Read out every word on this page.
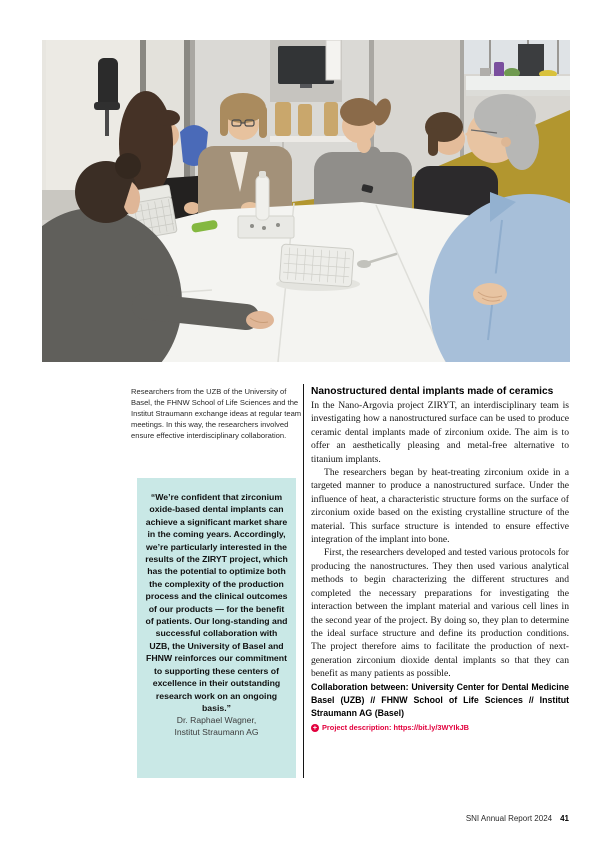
Researchers from the UZB of the University of Basel, the FHNW School of Life Sciences and the Institut Straumann exchange ideas at regular team meetings. In this way, the researchers involved ensure effective interdisciplinary collaboration.
“We’re confident that zirconium oxide-based dental implants can achieve a significant market share in the coming years. Accordingly, we’re particularly interested in the results of the ZIRYT project, which has the potential to optimize both the complexity of the production process and the clinical outcomes of our products — for the benefit of patients. Our long-standing and successful collaboration with UZB, the University of Basel and FHNW reinforces our commitment to supporting these centers of excellence in their outstanding research work on an ongoing basis.”
Dr. Raphael Wagner,
Institut Straumann AG
Nanostructured dental implants made of ceramics

In the Nano-Argovia project ZIRYT, an interdisciplinary team is investigating how a nanostructured surface can be used to produce ceramic dental implants made of zirconium oxide. The aim is to offer an aesthetically pleasing and metal-free alternative to titanium implants.

The researchers began by heat-treating zirconium oxide in a targeted manner to produce a nanostructured surface. Under the influence of heat, a characteristic structure forms on the surface of zirconium oxide based on the existing crystalline structure of the material. This surface structure is intended to ensure effective integration of the implant into bone.

First, the researchers developed and tested various protocols for producing the nanostructures. They then used various analytical methods to begin characterizing the different structures and completed the necessary preparations for investigating the interaction between the implant material and various cell lines in the second year of the project. By doing so, they plan to determine the ideal surface structure and define its production conditions. The project therefore aims to facilitate the production of next-generation zirconium dioxide dental implants so that they can benefit as many patients as possible.

Collaboration between: University Center for Dental Medicine Basel (UZB) // FHNW School of Life Sciences // Institut Straumann AG (Basel)
+ Project description: https://bit.ly/3WYIkJB
SNI Annual Report 2024 41
